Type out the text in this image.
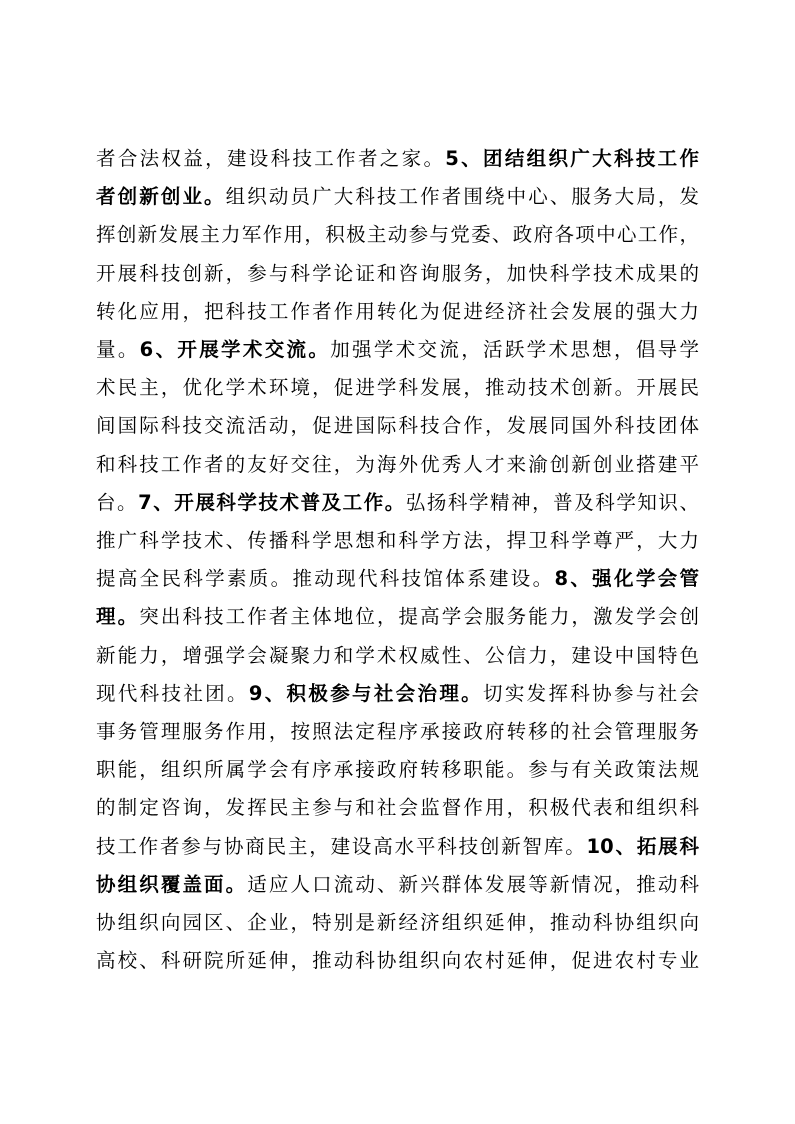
者合法权益，建设科技工作者之家。5、团结组织广大科技工作
者创新创业。组织动员广大科技工作者围绕中心、服务大局，发
挥创新发展主力军作用，积极主动参与党委、政府各项中心工作，
开展科技创新，参与科学论证和咨询服务，加快科学技术成果的
转化应用，把科技工作者作用转化为促进经济社会发展的强大力
量。6、开展学术交流。加强学术交流，活跃学术思想，倡导学
术民主，优化学术环境，促进学科发展，推动技术创新。开展民
间国际科技交流活动，促进国际科技合作，发展同国外科技团体
和科技工作者的友好交往，为海外优秀人才来渝创新创业搭建平
台。7、开展科学技术普及工作。弘扬科学精神，普及科学知识、
推广科学技术、传播科学思想和科学方法，捍卫科学尊严，大力
提高全民科学素质。推动现代科技馆体系建设。8、强化学会管
理。突出科技工作者主体地位，提高学会服务能力，激发学会创
新能力，增强学会凝聚力和学术权威性、公信力，建设中国特色
现代科技社团。9、积极参与社会治理。切实发挥科协参与社会
事务管理服务作用，按照法定程序承接政府转移的社会管理服务
职能，组织所属学会有序承接政府转移职能。参与有关政策法规
的制定咨询，发挥民主参与和社会监督作用，积极代表和组织科
技工作者参与协商民主，建设高水平科技创新智库。10、拓展科
协组织覆盖面。适应人口流动、新兴群体发展等新情况，推动科
协组织向园区、企业，特别是新经济组织延伸，推动科协组织向
高校、科研院所延伸，推动科协组织向农村延伸，促进农村专业
